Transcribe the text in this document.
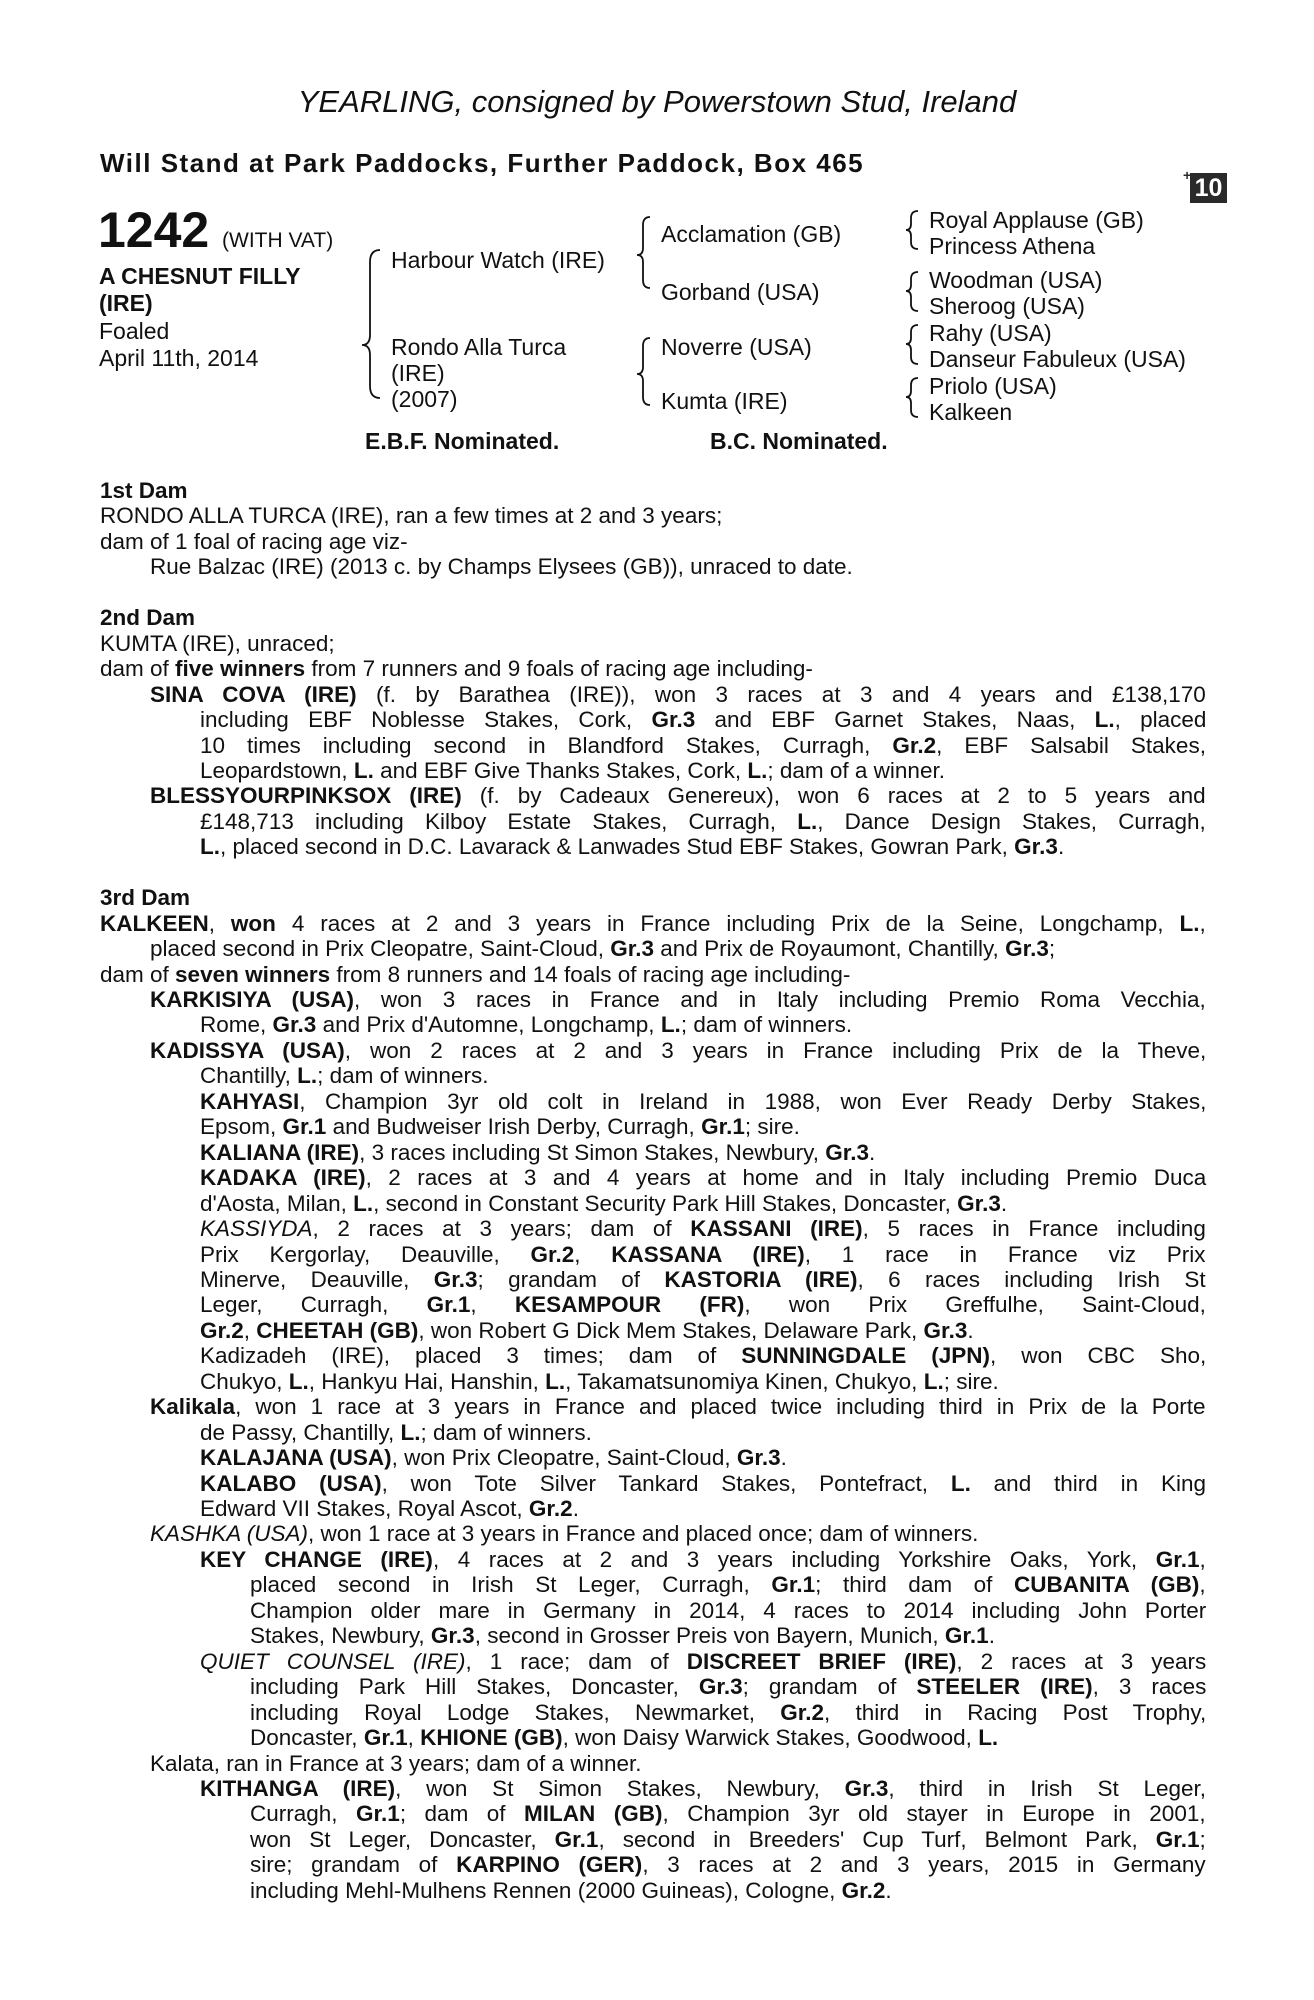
YEARLING, consigned by Powerstown Stud, Ireland
Will Stand at Park Paddocks, Further Paddock, Box 465	+ 10
1242 (WITH VAT)
A CHESNUT FILLY
(IRE)
Foaled
April 11th, 2014
Harbour Watch (IRE)
Rondo Alla Turca
(IRE)
(2007)
Acclamation (GB)
Gorband (USA)
Noverre (USA)
Kumta (IRE)
Royal Applause (GB)
Princess Athena
Woodman (USA)
Sheroog (USA)
Rahy (USA)
Danseur Fabuleux (USA)
Priolo (USA)
Kalkeen
E.B.F. Nominated.	B.C. Nominated.
1st Dam
RONDO ALLA TURCA (IRE), ran a few times at 2 and 3 years;
dam of 1 foal of racing age viz-
Rue Balzac (IRE) (2013 c. by Champs Elysees (GB)), unraced to date.
2nd Dam
KUMTA (IRE), unraced;
dam of five winners from 7 runners and 9 foals of racing age including-
SINA COVA (IRE) (f. by Barathea (IRE)), won 3 races at 3 and 4 years and £138,170
including EBF Noblesse Stakes, Cork, Gr.3 and EBF Garnet Stakes, Naas, L., placed
10 times including second in Blandford Stakes, Curragh, Gr.2, EBF Salsabil Stakes,
Leopardstown, L. and EBF Give Thanks Stakes, Cork, L.; dam of a winner.
BLESSYOURPINKSOX (IRE) (f. by Cadeaux Genereux), won 6 races at 2 to 5 years and
£148,713 including Kilboy Estate Stakes, Curragh, L., Dance Design Stakes, Curragh,
L., placed second in D.C. Lavarack & Lanwades Stud EBF Stakes, Gowran Park, Gr.3.
3rd Dam
KALKEEN, won 4 races at 2 and 3 years in France including Prix de la Seine, Longchamp, L.,
placed second in Prix Cleopatre, Saint-Cloud, Gr.3 and Prix de Royaumont, Chantilly, Gr.3;
dam of seven winners from 8 runners and 14 foals of racing age including-
KARKISIYA (USA), won 3 races in France and in Italy including Premio Roma Vecchia,
Rome, Gr.3 and Prix d'Automne, Longchamp, L.; dam of winners.
KADISSYA (USA), won 2 races at 2 and 3 years in France including Prix de la Theve,
Chantilly, L.; dam of winners.
KAHYASI, Champion 3yr old colt in Ireland in 1988, won Ever Ready Derby Stakes,
Epsom, Gr.1 and Budweiser Irish Derby, Curragh, Gr.1; sire.
KALIANA (IRE), 3 races including St Simon Stakes, Newbury, Gr.3.
KADAKA (IRE), 2 races at 3 and 4 years at home and in Italy including Premio Duca
d'Aosta, Milan, L., second in Constant Security Park Hill Stakes, Doncaster, Gr.3.
KASSIYDA, 2 races at 3 years; dam of KASSANI (IRE), 5 races in France including
Prix Kergorlay, Deauville, Gr.2, KASSANA (IRE), 1 race in France viz Prix
Minerve, Deauville, Gr.3; grandam of KASTORIA (IRE), 6 races including Irish St
Leger, Curragh, Gr.1, KESAMPOUR (FR), won Prix Greffulhe, Saint-Cloud,
Gr.2, CHEETAH (GB), won Robert G Dick Mem Stakes, Delaware Park, Gr.3.
Kadizadeh (IRE), placed 3 times; dam of SUNNINGDALE (JPN), won CBC Sho,
Chukyo, L., Hankyu Hai, Hanshin, L., Takamatsunomiya Kinen, Chukyo, L.; sire.
Kalikala, won 1 race at 3 years in France and placed twice including third in Prix de la Porte
de Passy, Chantilly, L.; dam of winners.
KALAJANA (USA), won Prix Cleopatre, Saint-Cloud, Gr.3.
KALABO (USA), won Tote Silver Tankard Stakes, Pontefract, L. and third in King
Edward VII Stakes, Royal Ascot, Gr.2.
KASHKA (USA), won 1 race at 3 years in France and placed once; dam of winners.
KEY CHANGE (IRE), 4 races at 2 and 3 years including Yorkshire Oaks, York, Gr.1,
placed second in Irish St Leger, Curragh, Gr.1; third dam of CUBANITA (GB),
Champion older mare in Germany in 2014, 4 races to 2014 including John Porter
Stakes, Newbury, Gr.3, second in Grosser Preis von Bayern, Munich, Gr.1.
QUIET COUNSEL (IRE), 1 race; dam of DISCREET BRIEF (IRE), 2 races at 3 years
including Park Hill Stakes, Doncaster, Gr.3; grandam of STEELER (IRE), 3 races
including Royal Lodge Stakes, Newmarket, Gr.2, third in Racing Post Trophy,
Doncaster, Gr.1, KHIONE (GB), won Daisy Warwick Stakes, Goodwood, L.
Kalata, ran in France at 3 years; dam of a winner.
KITHANGA (IRE), won St Simon Stakes, Newbury, Gr.3, third in Irish St Leger,
Curragh, Gr.1; dam of MILAN (GB), Champion 3yr old stayer in Europe in 2001,
won St Leger, Doncaster, Gr.1, second in Breeders' Cup Turf, Belmont Park, Gr.1;
sire; grandam of KARPINO (GER), 3 races at 2 and 3 years, 2015 in Germany
including Mehl-Mulhens Rennen (2000 Guineas), Cologne, Gr.2.
